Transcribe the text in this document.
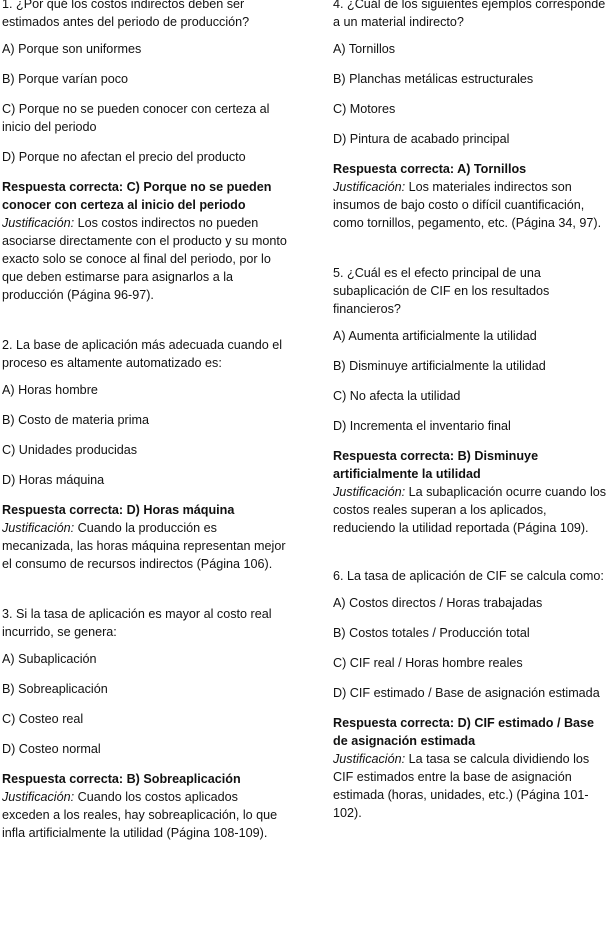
1. ¿Por qué los costos indirectos deben ser estimados antes del periodo de producción?

A) Porque son uniformes

B) Porque varían poco

C) Porque no se pueden conocer con certeza al inicio del periodo

D) Porque no afectan el precio del producto

Respuesta correcta: C) Porque no se pueden conocer con certeza al inicio del periodo

Justificación: Los costos indirectos no pueden asociarse directamente con el producto y su monto exacto solo se conoce al final del periodo, por lo que deben estimarse para asignarlos a la producción (Página 96-97).

2. La base de aplicación más adecuada cuando el proceso es altamente automatizado es:

A) Horas hombre

B) Costo de materia prima

C) Unidades producidas

D) Horas máquina

Respuesta correcta: D) Horas máquina

Justificación: Cuando la producción es mecanizada, las horas máquina representan mejor el consumo de recursos indirectos (Página 106).

3. Si la tasa de aplicación es mayor al costo real incurrido, se genera:

A) Subaplicación

B) Sobreaplicación

C) Costeo real

D) Costeo normal

Respuesta correcta: B) Sobreaplicación

Justificación: Cuando los costos aplicados exceden a los reales, hay sobreaplicación, lo que infla artificialmente la utilidad (Página 108-109).

4. ¿Cuál de los siguientes ejemplos corresponde a un material indirecto?

A) Tornillos

B) Planchas metálicas estructurales

C) Motores

D) Pintura de acabado principal

Respuesta correcta: A) Tornillos

Justificación: Los materiales indirectos son insumos de bajo costo o difícil cuantificación, como tornillos, pegamento, etc. (Página 34, 97).

5. ¿Cuál es el efecto principal de una subaplicación de CIF en los resultados financieros?

A) Aumenta artificialmente la utilidad

B) Disminuye artificialmente la utilidad

C) No afecta la utilidad

D) Incrementa el inventario final

Respuesta correcta: B) Disminuye artificialmente la utilidad

Justificación: La subaplicación ocurre cuando los costos reales superan a los aplicados, reduciendo la utilidad reportada (Página 109).

6. La tasa de aplicación de CIF se calcula como:

A) Costos directos / Horas trabajadas

B) Costos totales / Producción total

C) CIF real / Horas hombre reales

D) CIF estimado / Base de asignación estimada

Respuesta correcta: D) CIF estimado / Base de asignación estimada

Justificación: La tasa se calcula dividiendo los CIF estimados entre la base de asignación estimada (horas, unidades, etc.) (Página 101-102).
